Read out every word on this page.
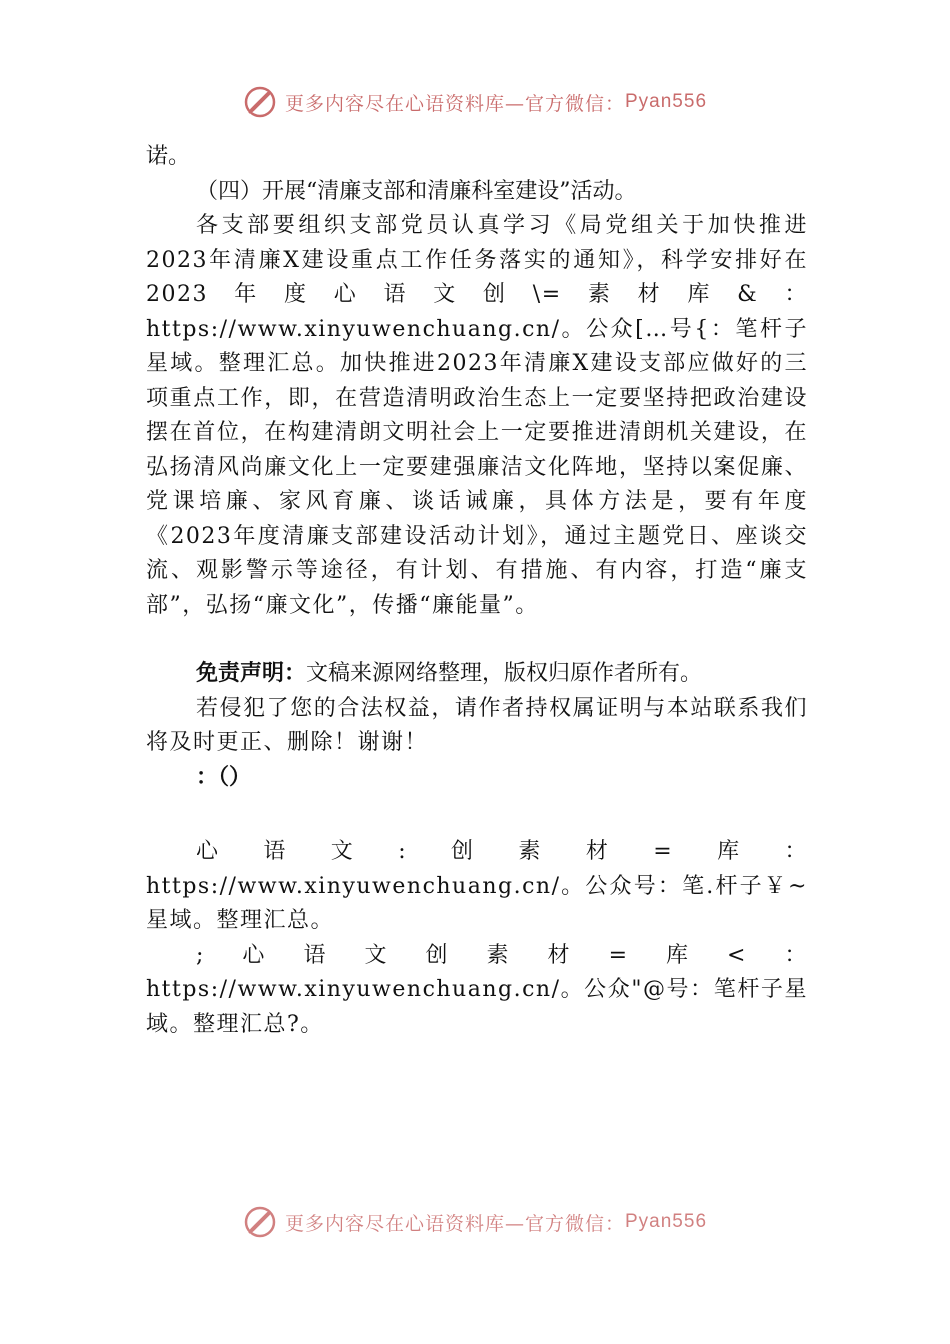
更多内容尽在心语资料库—官方微信： Pyan556

诺。

（四）开展“清廉支部和清廉科室建设”活动。

各支部要组织支部党员认真学习《局党组关于加快推进2023年清廉X建设重点工作任务落实的通知》，科学安排好在2023年度心语文创\=素材库&：https://www.xinyuwenchuang.cn/。公众[…号{：笔杆子星域。整理汇总。加快推进2023年清廉X建设支部应做好的三项重点工作，即，在营造清明政治生态上一定要坚持把政治建设摆在首位，在构建清朗文明社会上一定要推进清朗机关建设，在弘扬清风尚廉文化上一定要建强廉洁文化阵地，坚持以案促廉、党课培廉、家风育廉、谈话诫廉，具体方法是，要有年度《2023年度清廉支部建设活动计划》，通过主题党日、座谈交流、观影警示等途径，有计划、有措施、有内容，打造“廉支部”，弘扬“廉文化”，传播“廉能量”。

免责声明：文稿来源网络整理，版权归原作者所有。

若侵犯了您的合法权益，请作者持权属证明与本站联系我们将及时更正、删除！谢谢！

：（）

心语文:创素材=库：https://www.xinyuwenchuang.cn/。公众号：笔.杆子￥~星域。整理汇总。

;心语文创素材=库<：https://www.xinyuwenchuang.cn/。公众"@号：笔杆子星域。整理汇总?。

更多内容尽在心语资料库—官方微信： Pyan556
